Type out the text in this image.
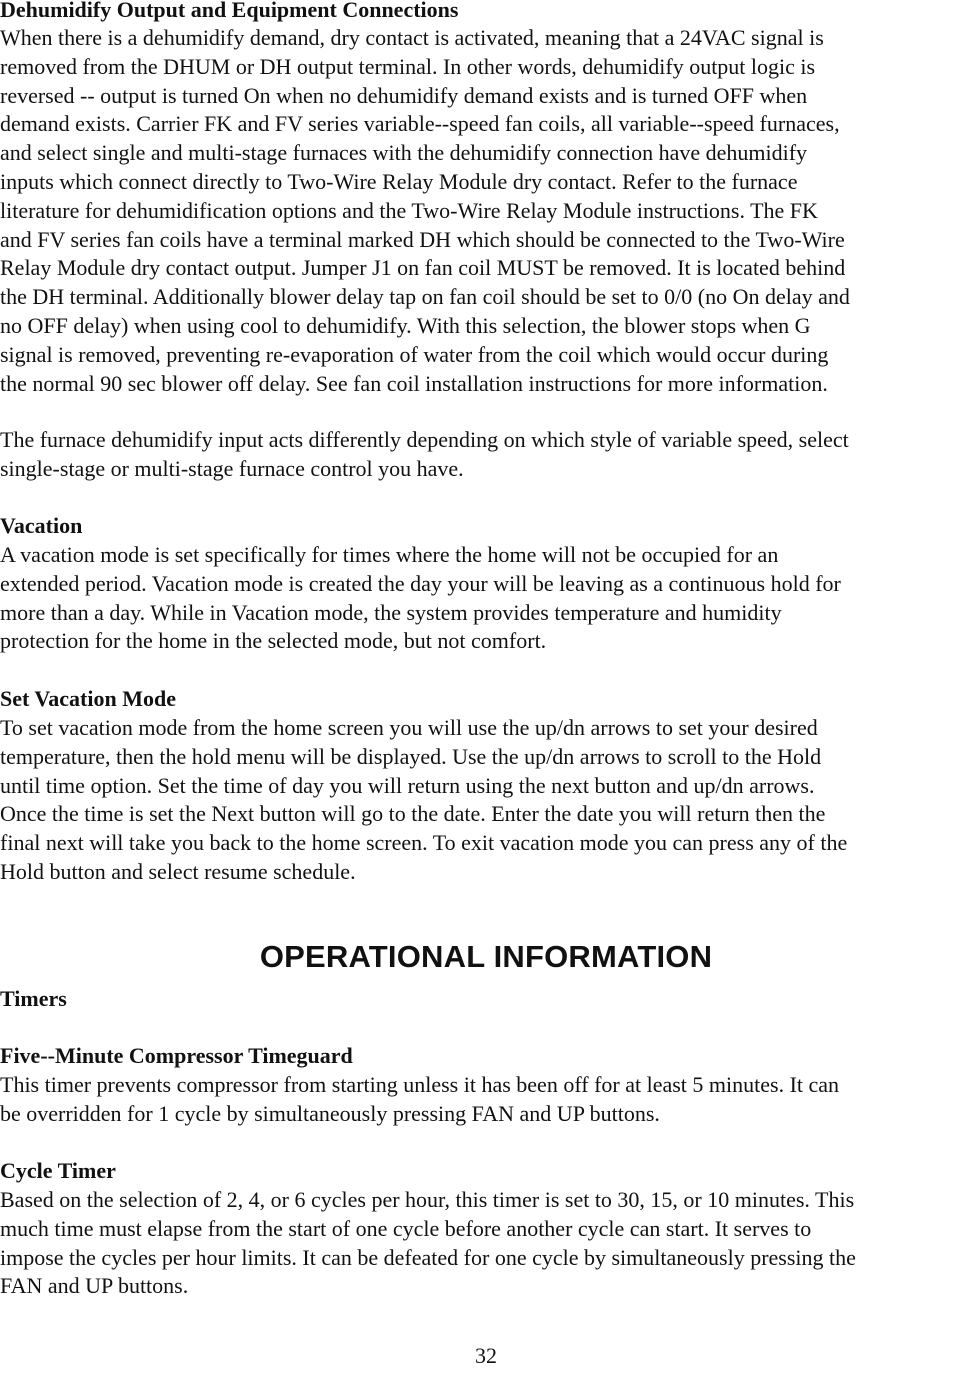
Dehumidify Output and Equipment Connections
When there is a dehumidify demand, dry contact is activated, meaning that a 24VAC signal is
removed from the DHUM or DH output terminal. In other words, dehumidify output logic is
reversed -- output is turned On when no dehumidify demand exists and is turned OFF when
demand exists. Carrier FK and FV series variable--speed fan coils, all variable--speed furnaces,
and select single and multi-stage furnaces with the dehumidify connection have dehumidify
inputs which connect directly to Two-Wire Relay Module dry contact. Refer to the furnace
literature for dehumidification options and the Two-Wire Relay Module instructions. The FK
and FV series fan coils have a terminal marked DH which should be connected to the Two-Wire
Relay Module dry contact output. Jumper J1 on fan coil MUST be removed. It is located behind
the DH terminal. Additionally blower delay tap on fan coil should be set to 0/0 (no On delay and
no OFF delay) when using cool to dehumidify. With this selection, the blower stops when G
signal is removed, preventing re-evaporation of water from the coil which would occur during
the normal 90 sec blower off delay. See fan coil installation instructions for more information.
The furnace dehumidify input acts differently depending on which style of variable speed, select
single-stage or multi-stage furnace control you have.
Vacation
A vacation mode is set specifically for times where the home will not be occupied for an
extended period. Vacation mode is created the day your will be leaving as a continuous hold for
more than a day. While in Vacation mode, the system provides temperature and humidity
protection for the home in the selected mode, but not comfort.
Set Vacation Mode
To set vacation mode from the home screen you will use the up/dn arrows to set your desired
temperature, then the hold menu will be displayed. Use the up/dn arrows to scroll to the Hold
until time option. Set the time of day you will return using the next button and up/dn arrows.
Once the time is set the Next button will go to the date. Enter the date you will return then the
final next will take you back to the home screen. To exit vacation mode you can press any of the
Hold button and select resume schedule.
OPERATIONAL INFORMATION
Timers
Five--Minute Compressor Timeguard
This timer prevents compressor from starting unless it has been off for at least 5 minutes. It can
be overridden for 1 cycle by simultaneously pressing FAN and UP buttons.
Cycle Timer
Based on the selection of 2, 4, or 6 cycles per hour, this timer is set to 30, 15, or 10 minutes. This
much time must elapse from the start of one cycle before another cycle can start. It serves to
impose the cycles per hour limits. It can be defeated for one cycle by simultaneously pressing the
FAN and UP buttons.
32
